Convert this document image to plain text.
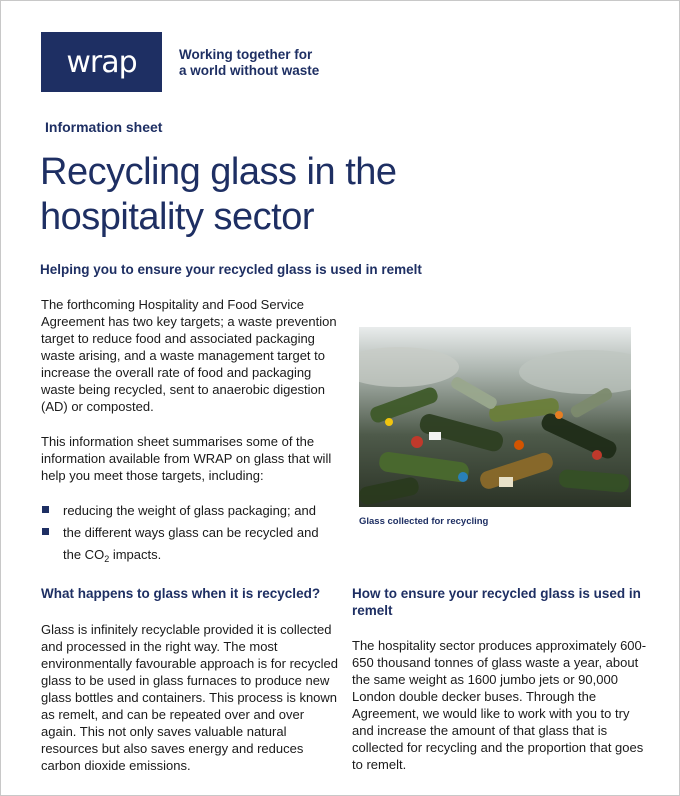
wrap	Working together for
a world without waste
Information sheet
Recycling glass in the
hospitality sector
Helping you to ensure your recycled glass is used in remelt

The forthcoming Hospitality and Food Service Agreement has two key targets; a waste prevention target to reduce food and associated packaging waste arising, and a waste management target to increase the overall rate of food and packaging waste being recycled, sent to anaerobic digestion (AD) or composted.

This information sheet summarises some of the information available from WRAP on glass that will help you meet those targets, including:

reducing the weight of glass packaging; and
the different ways glass can be recycled and
the $CO_2$ impacts.
Glass collected for recycling
What happens to glass when it is recycled?	How to ensure your recycled glass is used in remelt

Glass is infinitely recyclable provided it is collected and processed in the right way. The most environmentally favourable approach is for recycled glass to be used in glass furnaces to produce new glass bottles and containers. This process is known as remelt, and can be repeated over and over again. This not only saves valuable natural resources but also saves energy and reduces carbon dioxide emissions.

The hospitality sector produces approximately 600-650 thousand tonnes of glass waste a year, about the same weight as 1600 jumbo jets or 90,000 London double decker buses. Through the Agreement, we would like to work with you to try and increase the amount of that glass that is collected for recycling and the proportion that goes to remelt.
